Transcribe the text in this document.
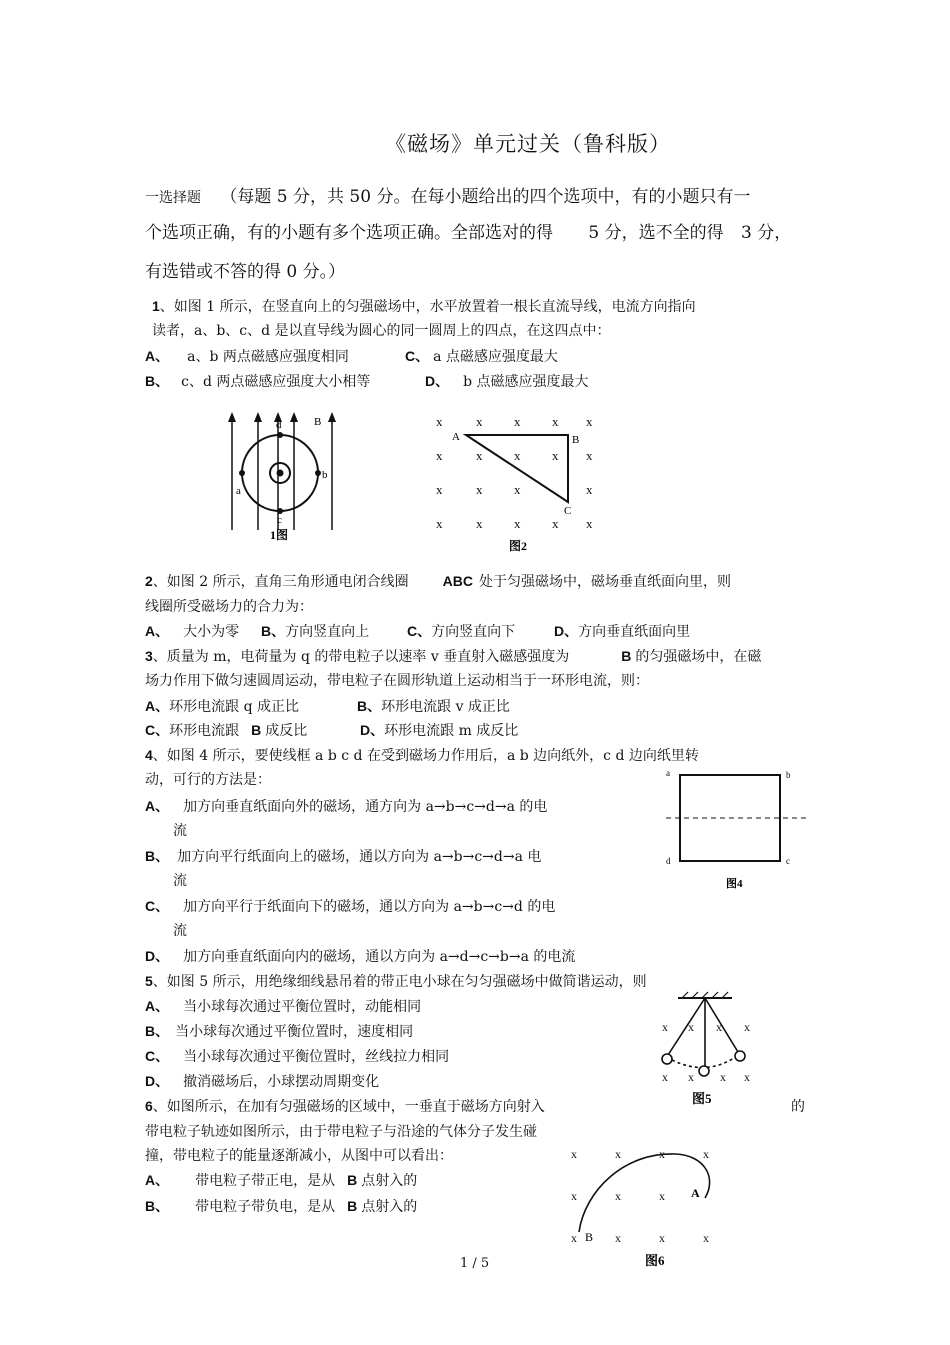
《磁场》单元过关（鲁科版）
一选择题 （每题 5 分，共 50 分。在每小题给出的四个选项中，有的小题只有一
个选项正确，有的小题有多个选项正确。全部选对的得 5 分，选不全的得 3 分，
有选错或不答的得 0 分。）
1、如图 1 所示，在竖直向上的匀强磁场中，水平放置着一根长直流导线，电流方向指向
读者，a、b、c、d 是以直导线为圆心的同一圆周上的四点，在这四点中：
A、 a、b 两点磁感应强度相同	C、 a 点磁感应强度最大
B、 c、d 两点磁感应强度大小相等	D、 b 点磁感应强度最大
d
a
b
c
B
1图
x	x x x x
x	x x x x
x	x x	x
x	x x x x
A	B
C
图2
2、如图 2 所示，直角三角形通电闭合线圈 ABC 处于匀强磁场中，磁场垂直纸面向里，则
线圈所受磁场力的合力为：
A、 大小为零 B、方向竖直向上	C、方向竖直向下	D、方向垂直纸面向里
3、质量为 m，电荷量为 q 的带电粒子以速率 v 垂直射入磁感强度为	B 的匀强磁场中，在磁
场力作用下做匀速圆周运动，带电粒子在圆形轨道上运动相当于一环形电流，则：
A、环形电流跟 q 成正比	B、环形电流跟 v 成正比
C、环形电流跟 B 成反比	D、环形电流跟 m 成反比
4、如图 4 所示，要使线框 a b c d 在受到磁场力作用后，a b 边向纸外，c d 边向纸里转
动，可行的方法是：
A、 加方向垂直纸面向外的磁场，通方向为 a→b→c→d→a 的电
流
B、 加方向平行纸面向上的磁场，通以方向为 a→b→c→d→a 电
流
C、 加方向平行于纸面向下的磁场，通以方向为 a→b→c→d 的电
流
D、 加方向垂直纸面向内的磁场，通以方向为 a→d→c→b→a 的电流
a	b
c
d
图4
5、如图 5 所示，用绝缘细线悬吊着的带正电小球在匀匀强磁场中做简谐运动，则
A、 当小球每次通过平衡位置时，动能相同
B、 当小球每次通过平衡位置时，速度相同
C、 当小球每次通过平衡位置时，丝线拉力相同
D、 撤消磁场后，小球摆动周期变化
x x x x
x x x x
图5
6、如图所示，在加有匀强磁场的区域中，一垂直于磁场方向射入	的
带电粒子轨迹如图所示，由于带电粒子与沿途的气体分子发生碰
撞，带电粒子的能量逐渐减小，从图中可以看出：
A、 带电粒子带正电，是从 B 点射入的
B、 带电粒子带负电，是从 B 点射入的
x	x	x	x
x	x	x
x	x	x	x
A
B
图6
1 / 5
